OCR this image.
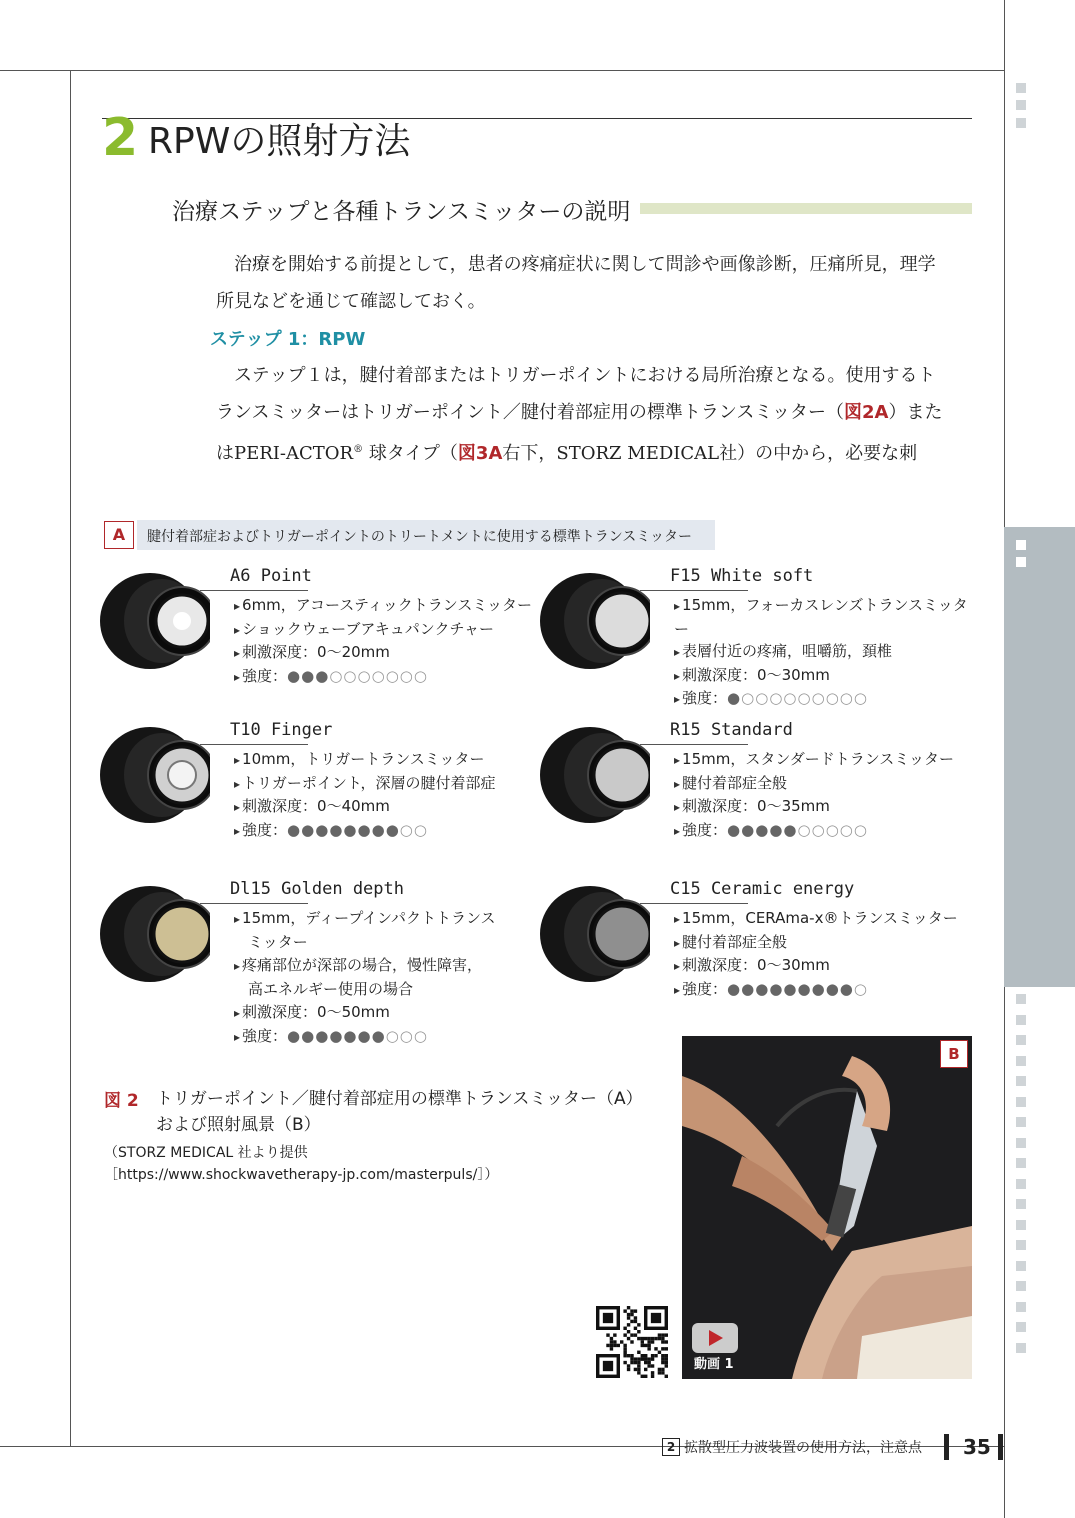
2 RPWの照射方法
治療ステップと各種トランスミッターの説明
治療を開始する前提として，患者の疼痛症状に関して問診や画像診断，圧痛所見，理学
所見などを通じて確認しておく。
ステップ 1：RPW
ステップ１は，腱付着部またはトリガーポイントにおける局所治療となる。使用するト
ランスミッターはトリガーポイント／腱付着部症用の標準トランスミッター（図2A）また
はPERI-ACTOR® 球タイプ（図3A右下，STORZ MEDICAL社）の中から，必要な刺
A	腱付着部症およびトリガーポイントのトリートメントに使用する標準トランスミッター
A6 Point
▸ 6mm，アコースティックトランスミッター
▸ ショックウェーブアキュパンクチャー
▸ 刺激深度：0〜20mm
▸ 強度：●●●○○○○○○○
F15 White soft
▸ 15mm，フォーカスレンズトランスミッター
▸ 表層付近の疼痛，咀嚼筋，頚椎
▸ 刺激深度：0〜30mm
▸ 強度：●○○○○○○○○○
T10 Finger
▸ 10mm，トリガートランスミッター
▸ トリガーポイント，深層の腱付着部症
▸ 刺激深度：0〜40mm
▸ 強度：●●●●●●●●○○
R15 Standard
▸ 15mm，スタンダードトランスミッター
▸ 腱付着部症全般
▸ 刺激深度：0〜35mm
▸ 強度：●●●●●○○○○○
Dl15 Golden depth
▸ 15mm，ディープインパクトトランス
ミッター
▸ 疼痛部位が深部の場合，慢性障害，
高エネルギー使用の場合
▸ 刺激深度：0〜50mm
▸ 強度：●●●●●●●○○○
C15 Ceramic energy
▸ 15mm，CERAma-x®トランスミッター
▸ 腱付着部症全般
▸ 刺激深度：0〜30mm
▸ 強度：●●●●●●●●●○
図 2 トリガーポイント／腱付着部症用の標準トランスミッター（A）
および照射風景（B）
（STORZ MEDICAL 社より提供
［https://www.shockwavetherapy-jp.com/masterpuls/］）
B
動画 1
2 拡散型圧力波装置の使用方法，注意点 35
